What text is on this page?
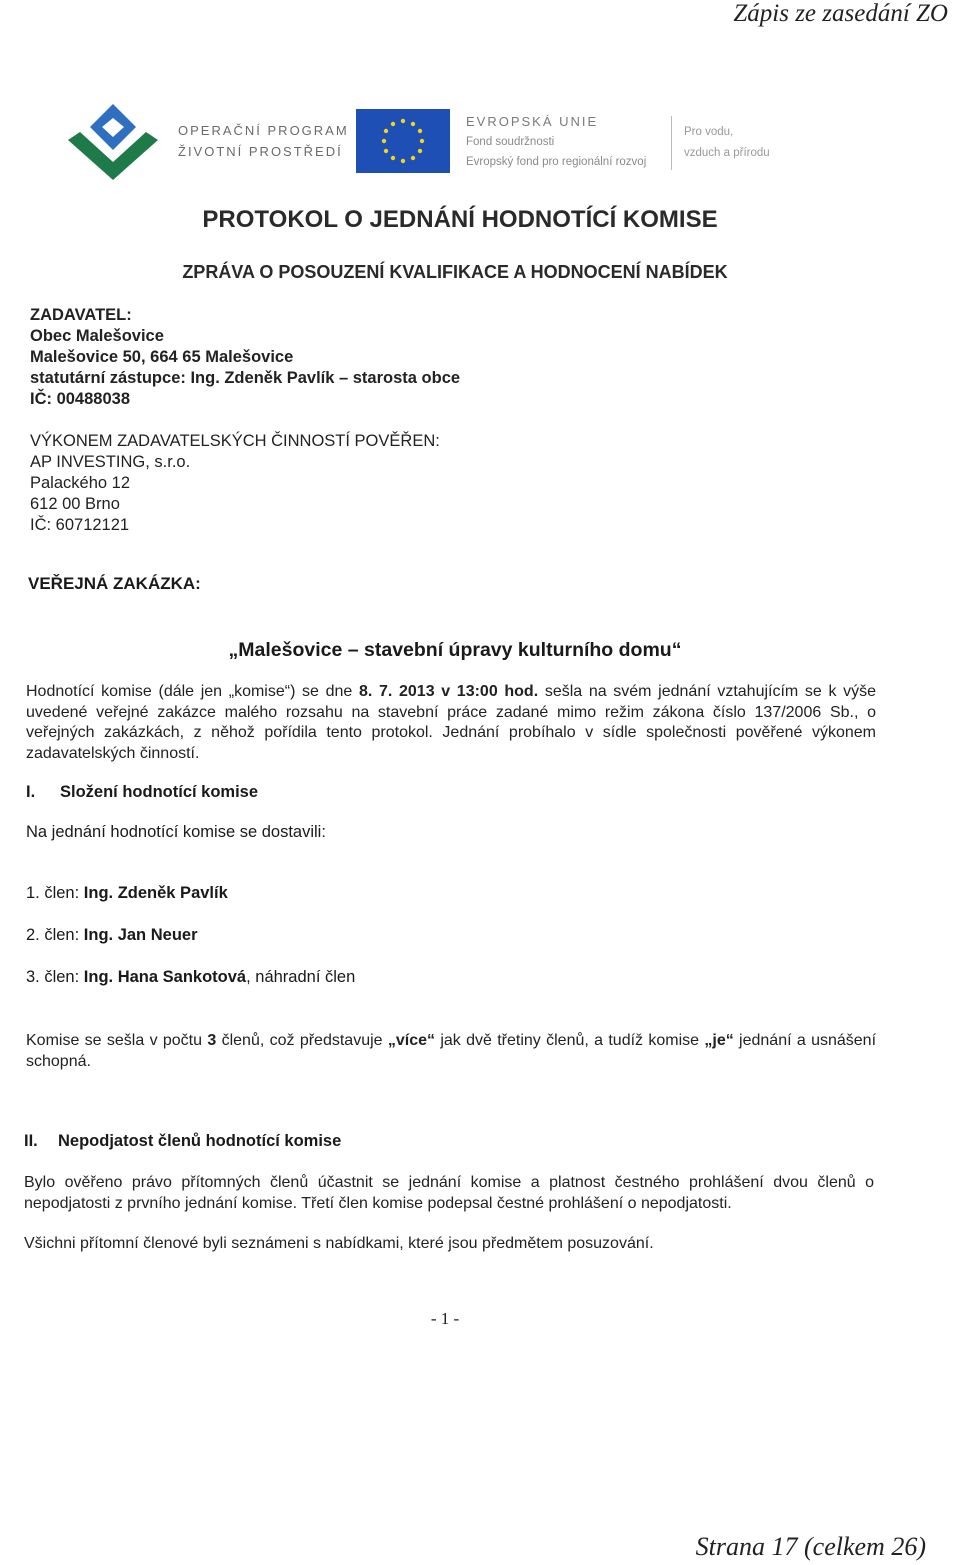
Zápis ze zasedání ZO
OPERAČNÍ PROGRAM
ŽIVOTNÍ PROSTŘEDÍ
EVROPSKÁ UNIE
Fond soudržnosti
Evropský fond pro regionální rozvoj
Pro vodu,
vzduch a přírodu
PROTOKOL O JEDNÁNÍ HODNOTÍCÍ KOMISE
ZPRÁVA O POSOUZENÍ KVALIFIKACE A HODNOCENÍ NABÍDEK
ZADAVATEL:
Obec Malešovice
Malešovice 50, 664 65 Malešovice
statutární zástupce: Ing. Zdeněk Pavlík – starosta obce
IČ: 00488038
VÝKONEM ZADAVATELSKÝCH ČINNOSTÍ POVĚŘEN:
AP INVESTING, s.r.o.
Palackého 12
612 00 Brno
IČ: 60712121
VEŘEJNÁ ZAKÁZKA:
„Malešovice – stavební úpravy kulturního domu“
Hodnotící komise (dále jen „komise“) se dne 8. 7. 2013 v 13:00 hod. sešla na svém jednání vztahujícím se k výše uvedené veřejné zakázce malého rozsahu na stavební práce zadané mimo režim zákona číslo 137/2006 Sb., o veřejných zakázkách, z něhož pořídila tento protokol. Jednání probíhalo v sídle společnosti pověřené výkonem zadavatelských činností.
I. Složení hodnotící komise
Na jednání hodnotící komise se dostavili:
1. člen: Ing. Zdeněk Pavlík
2. člen: Ing. Jan Neuer
3. člen: Ing. Hana Sankotová, náhradní člen
Komise se sešla v počtu 3 členů, což představuje „více“ jak dvě třetiny členů, a tudíž komise „je“ jednání a usnášení schopná.
II. Nepodjatost členů hodnotící komise
Bylo ověřeno právo přítomných členů účastnit se jednání komise a platnost čestného prohlášení dvou členů o nepodjatosti z prvního jednání komise. Třetí člen komise podepsal čestné prohlášení o nepodjatosti.
Všichni přítomní členové byli seznámeni s nabídkami, které jsou předmětem posuzování.
- 1 -
Strana 17 (celkem 26)
